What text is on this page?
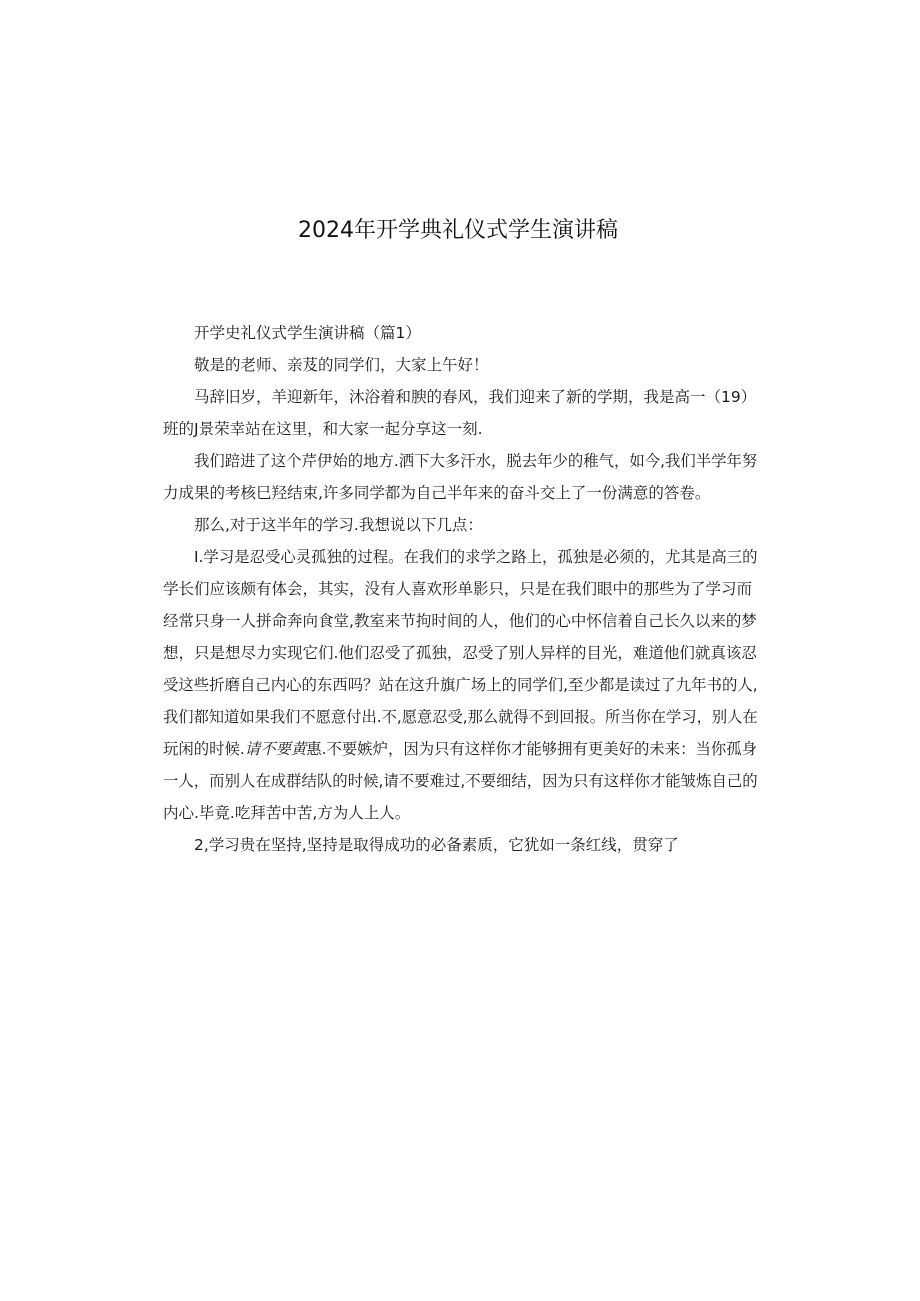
2024年开学典礼仪式学生演讲稿
开学史礼仪式学生演讲稿（篇1）
敬是的老师、亲芨的同学们，大家上午好！
马辞旧岁，羊迎新年，沐浴着和腴的春风，我们迎来了新的学期，我是高一（19）
班的J景荣幸站在这里，和大家一起分享这一刻.
我们踣进了这个芹伊始的地方.洒下大多汗水，脱去年少的稚气，如今,我们半学年努
力成果的考核巳羟结束,许多同学都为自己半年来的奋斗交上了一份满意的答卷。
那么,对于这半年的学习.我想说以下几点：
I.学习是忍受心灵孤独的过程。在我们的求学之路上，孤独是必须的，尤其是高三的
学长们应该颇有体会，其实，没有人喜欢形单影只，只是在我们眼中的那些为了学习而
经常只身一人拼命奔向食堂,教室来节拘时间的人，他们的心中怀信着自己长久以来的梦
想，只是想尽力实现它们.他们忍受了孤独，忍受了别人异样的目光，难道他们就真该忍
受这些折磨自己内心的东西吗？站在这升旗广场上的同学们,至少都是读过了九年书的人,
我们都知道如果我们不愿意付出.不,愿意忍受,那么就得不到回报。所当你在学习，别人在
玩闲的时候.请不要黄惠.不要嫉炉，因为只有这样你才能够拥有更美好的未来：当你孤身
一人，而别人在成群结队的时候,请不要难过,不要细结，因为只有这样你才能皱炼自己的
内心.毕竟.吃拜苦中苦,方为人上人。
2,学习贵在坚持,坚持是取得成功的必备素质，它犹如一条红线，贯穿了
